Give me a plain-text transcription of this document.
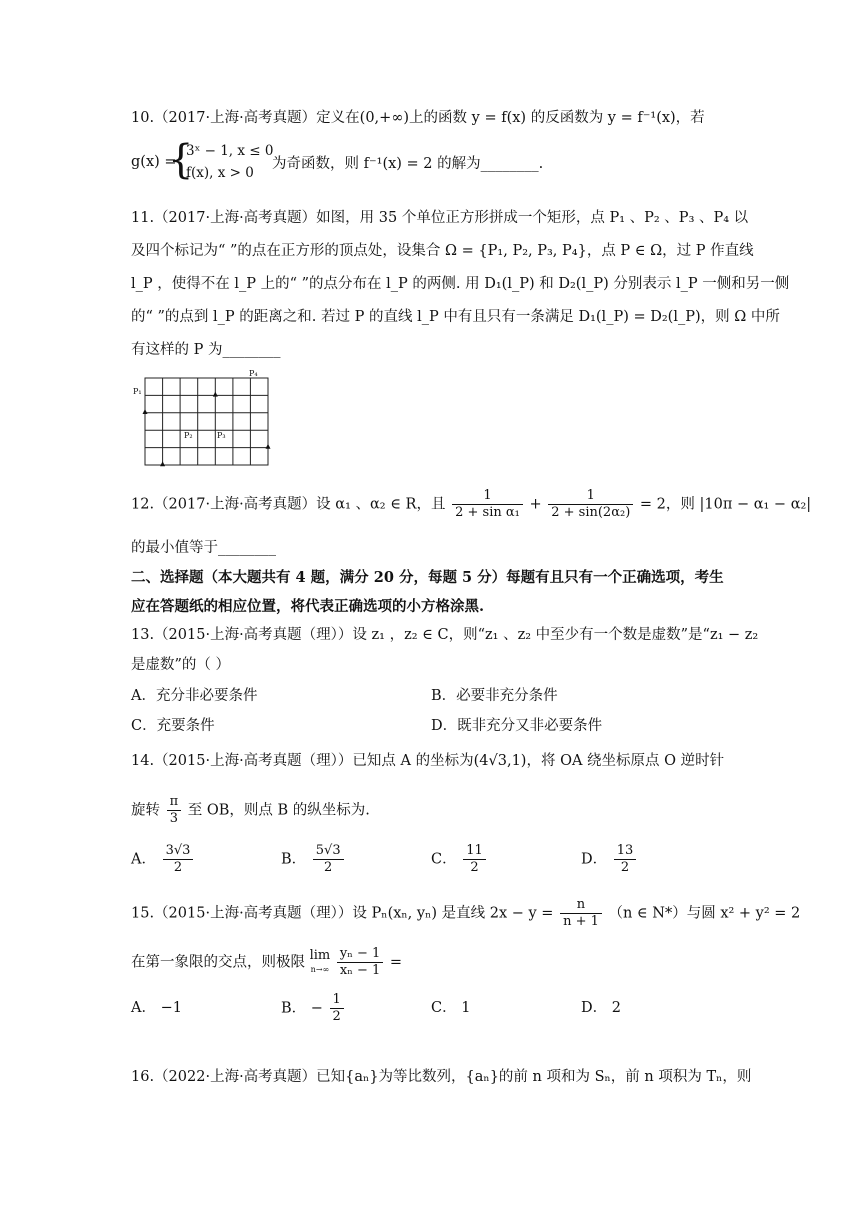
10.（2017·上海·高考真题）定义在(0,+∞)上的函数 y = f(x) 的反函数为 y = f⁻¹(x)，若
g(x) =
{
3ˣ − 1, x ≤ 0
f(x), x > 0
为奇函数，则 f⁻¹(x) = 2 的解为________.
11.（2017·上海·高考真题）如图，用 35 个单位正方形拼成一个矩形，点 P₁ 、P₂ 、P₃ 、P₄ 以
及四个标记为“ ”的点在正方形的顶点处，设集合 Ω = {P₁, P₂, P₃, P₄}，点 P ∈ Ω，过 P 作直线
l_P ，使得不在 l_P 上的“ ”的点分布在 l_P 的两侧. 用 D₁(l_P) 和 D₂(l_P) 分别表示 l_P 一侧和另一侧
的“ ”的点到 l_P 的距离之和. 若过 P 的直线 l_P 中有且只有一条满足 D₁(l_P) = D₂(l_P)，则 Ω 中所
有这样的 P 为________
P₁
P₂	P₃
P₄
12.（2017·上海·高考真题）设 α₁ 、α₂ ∈ R，且 $\frac{1}{\text{2 + sin α₁}} + \frac{1}{\text{2 + sin(2α₂)}} = 2$，则 |10π − α₁ − α₂|
的最小值等于________
二、选择题（本大题共有 4 题，满分 20 分，每题 5 分）每题有且只有一个正确选项，考生
应在答题纸的相应位置，将代表正确选项的小方格涂黑.
13.（2015·上海·高考真题（理））设 z₁ ，z₂ ∈ C，则“z₁ 、z₂ 中至少有一个数是虚数”是“z₁ − z₂
是虚数”的（ ）
A．充分非必要条件	B．必要非充分条件
C．充要条件	D．既非充分又非必要条件
14.（2015·上海·高考真题（理））已知点 A 的坐标为(4√3,1)，将 OA 绕坐标原点 O 逆时针
旋转 $\frac{\pi}{3}$ 至 OB，则点 B 的纵坐标为.
A． $\frac{3√3}{2}$	B． $\frac{5√3}{2}$	C． $\frac{11}{2}$	D． $\frac{13}{2}$
15.（2015·上海·高考真题（理））设 Pₙ(xₙ, yₙ) 是直线 $2x - y = \frac{n}{n + 1} (n$ ∈ N*）与圆 x² + y² = 2
在第一象限的交点，则极限 lim
n→∞
$\frac{\text{yₙ − 1}}{\text{xₙ − 1}}$ =
A． −1	B． − $\frac{1}{2}$	C． 1	D． 2
16.（2022·上海·高考真题）已知{aₙ}为等比数列，{aₙ}的前 n 项和为 Sₙ，前 n 项积为 Tₙ，则
